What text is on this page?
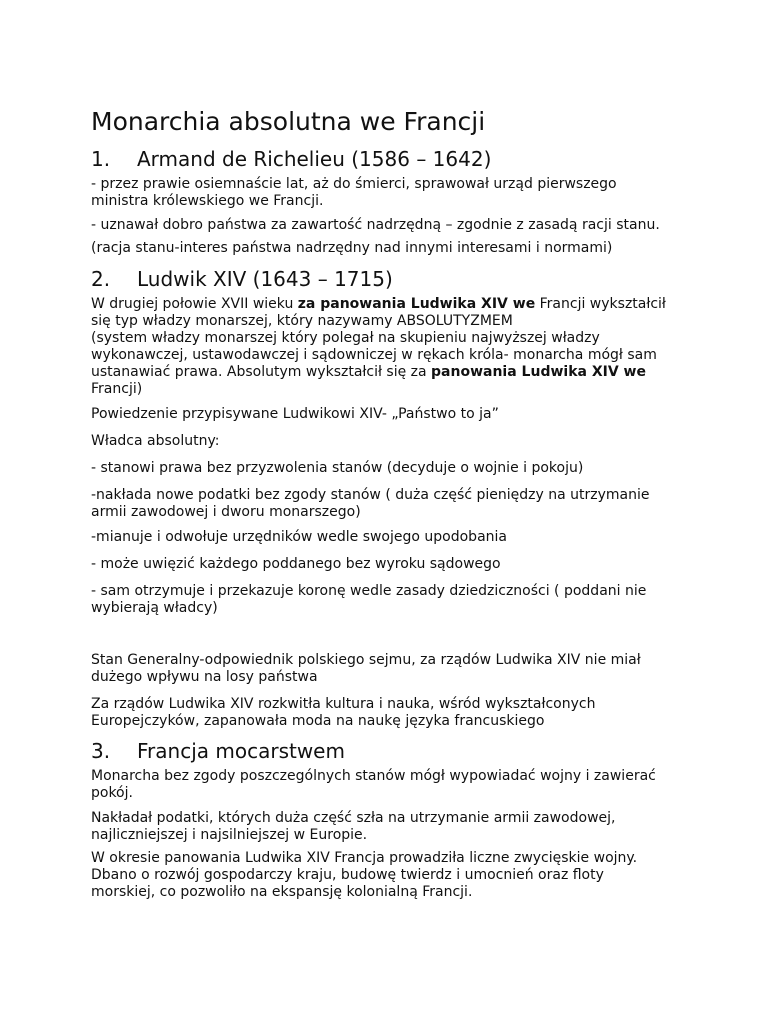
Monarchia absolutna we Francji
1. Armand de Richelieu (1586 – 1642)

- przez prawie osiemnaście lat, aż do śmierci, sprawował urząd pierwszego
ministra królewskiego we Francji.

- uznawał dobro państwa za zawartość nadrzędną – zgodnie z zasadą racji stanu.

(racja stanu-interes państwa nadrzędny nad innymi interesami i normami)

2. Ludwik XIV (1643 – 1715)

W drugiej połowie XVII wieku za panowania Ludwika XIV we Francji wykształcił
się typ władzy monarszej, który nazywamy ABSOLUTYZMEM
(system władzy monarszej który polegał na skupieniu najwyższej władzy
wykonawczej, ustawodawczej i sądowniczej w rękach króla- monarcha mógł sam
ustanawiać prawa. Absolutym wykształcił się za panowania Ludwika XIV we
Francji)

Powiedzenie przypisywane Ludwikowi XIV- „Państwo to ja”

Władca absolutny:

- stanowi prawa bez przyzwolenia stanów (decyduje o wojnie i pokoju)

-nakłada nowe podatki bez zgody stanów ( duża część pieniędzy na utrzymanie
armii zawodowej i dworu monarszego)

-mianuje i odwołuje urzędników wedle swojego upodobania

- może uwięzić każdego poddanego bez wyroku sądowego

- sam otrzymuje i przekazuje koronę wedle zasady dziedziczności ( poddani nie
wybierają władcy)

Stan Generalny-odpowiednik polskiego sejmu, za rządów Ludwika XIV nie miał
dużego wpływu na losy państwa

Za rządów Ludwika XIV rozkwitła kultura i nauka, wśród wykształconych
Europejczyków, zapanowała moda na naukę języka francuskiego

3. Francja mocarstwem

Monarcha bez zgody poszczególnych stanów mógł wypowiadać wojny i zawierać
pokój.

Nakładał podatki, których duża część szła na utrzymanie armii zawodowej,
najliczniejszej i najsilniejszej w Europie.

W okresie panowania Ludwika XIV Francja prowadziła liczne zwycięskie wojny.
Dbano o rozwój gospodarczy kraju, budowę twierdz i umocnień oraz floty
morskiej, co pozwoliło na ekspansję kolonialną Francji.
